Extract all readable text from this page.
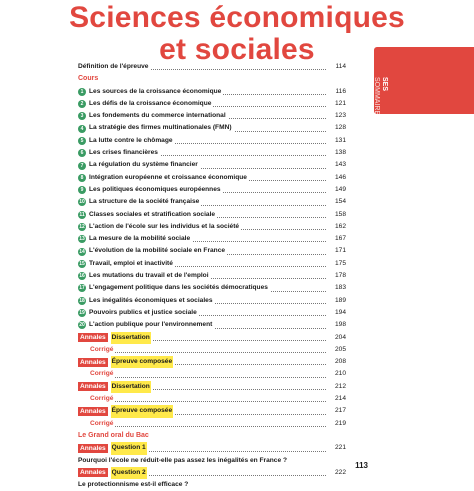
Sciences économiques
et sociales
SES
SOMMAIRE
Définition de l'épreuve	114
Cours
1 Les sources de la croissance économique	116
2 Les défis de la croissance économique	121
3 Les fondements du commerce international	123
4 La stratégie des firmes multinationales (FMN)	128
5 La lutte contre le chômage	131
6 Les crises financières	138
7 La régulation du système financier	143
8 Intégration européenne et croissance économique	146
9 Les politiques économiques européennes	149
10 La structure de la société française	154
11 Classes sociales et stratification sociale	158
12 L'action de l'école sur les individus et la société	162
13 La mesure de la mobilité sociale	167
14 L'évolution de la mobilité sociale en France	171
15 Travail, emploi et inactivité	175
16 Les mutations du travail et de l'emploi	178
17 L'engagement politique dans les sociétés démocratiques	183
18 Les inégalités économiques et sociales	189
19 Pouvoirs publics et justice sociale	194
20 L'action publique pour l'environnement	198
Annales Dissertation	204
Corrigé	205
Annales Épreuve composée	208
Corrigé	210
Annales Dissertation	212
Corrigé	214
Annales Épreuve composée	217
Corrigé	219
Le Grand oral du Bac
Annales Question 1	221
Pourquoi l'école ne réduit-elle pas assez les inégalités en France ?
Annales Question 2	222
Le protectionnisme est-il efficace ?
113
